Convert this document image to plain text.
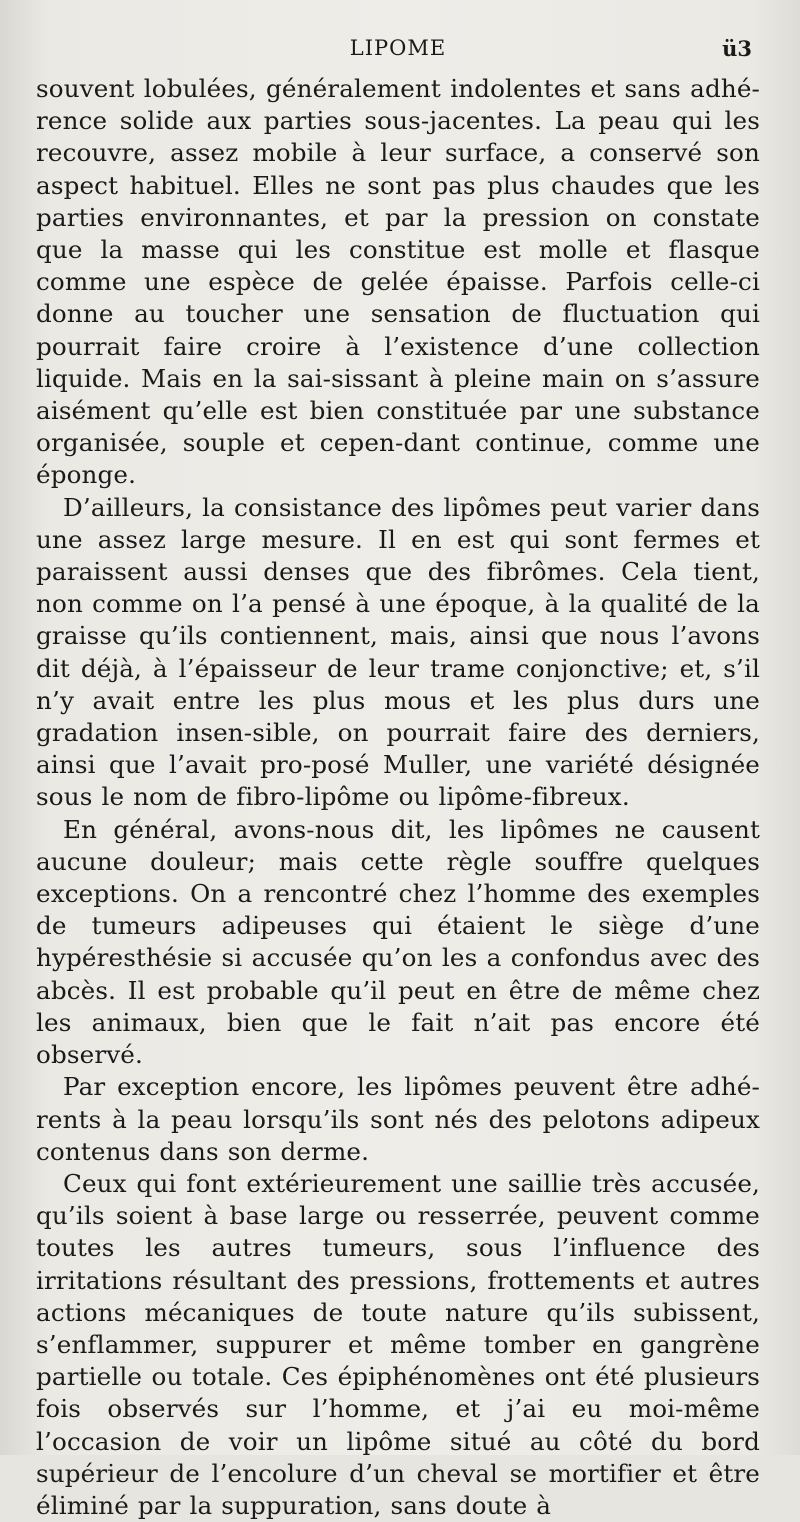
LIPOME	ü3

souvent lobulées, généralement indolentes et sans adhé-rence solide aux parties sous-jacentes. La peau qui les recouvre, assez mobile à leur surface, a conservé son aspect habituel. Elles ne sont pas plus chaudes que les parties environnantes, et par la pression on constate que la masse qui les constitue est molle et flasque comme une espèce de gelée épaisse. Parfois celle-ci donne au toucher une sensation de fluctuation qui pourrait faire croire à l’existence d’une collection liquide. Mais en la sai-sissant à pleine main on s’assure aisément qu’elle est bien constituée par une substance organisée, souple et cepen-dant continue, comme une éponge.

D’ailleurs, la consistance des lipômes peut varier dans une assez large mesure. Il en est qui sont fermes et paraissent aussi denses que des fibrômes. Cela tient, non comme on l’a pensé à une époque, à la qualité de la graisse qu’ils contiennent, mais, ainsi que nous l’avons dit déjà, à l’épaisseur de leur trame conjonctive; et, s’il n’y avait entre les plus mous et les plus durs une gradation insen-sible, on pourrait faire des derniers, ainsi que l’avait pro-posé Muller, une variété désignée sous le nom de fibro-lipôme ou lipôme-fibreux.

En général, avons-nous dit, les lipômes ne causent aucune douleur; mais cette règle souffre quelques exceptions. On a rencontré chez l’homme des exemples de tumeurs adipeuses qui étaient le siège d’une hypéresthésie si accusée qu’on les a confondus avec des abcès. Il est probable qu’il peut en être de même chez les animaux, bien que le fait n’ait pas encore été observé.

Par exception encore, les lipômes peuvent être adhé-rents à la peau lorsqu’ils sont nés des pelotons adipeux contenus dans son derme.

Ceux qui font extérieurement une saillie très accusée, qu’ils soient à base large ou resserrée, peuvent comme toutes les autres tumeurs, sous l’influence des irritations résultant des pressions, frottements et autres actions mécaniques de toute nature qu’ils subissent, s’enflammer, suppurer et même tomber en gangrène partielle ou totale. Ces épiphénomènes ont été plusieurs fois observés sur l’homme, et j’ai eu moi-même l’occasion de voir un lipôme situé au côté du bord supérieur de l’encolure d’un cheval se mortifier et être éliminé par la suppuration, sans doute à
